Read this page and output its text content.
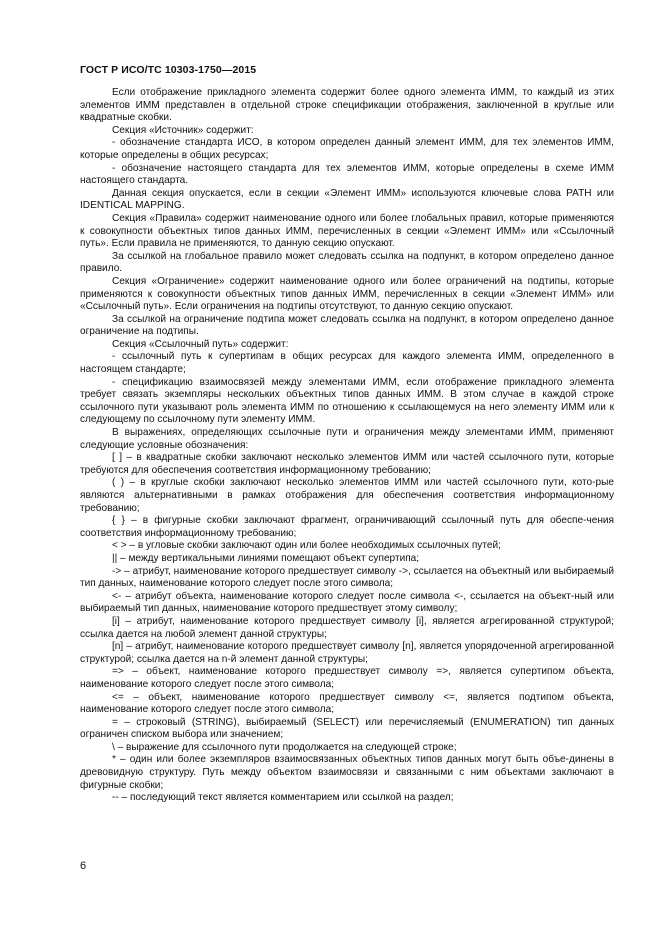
ГОСТ Р ИСО/ТС 10303-1750—2015

Если отображение прикладного элемента содержит более одного элемента ИММ, то каждый из этих элементов ИММ представлен в отдельной строке спецификации отображения, заключенной в круглые или квадратные скобки.

Секция «Источник» содержит:

- обозначение стандарта ИСО, в котором определен данный элемент ИММ, для тех элементов ИММ, которые определены в общих ресурсах;

- обозначение настоящего стандарта для тех элементов ИММ, которые определены в схеме ИММ настоящего стандарта.

Данная секция опускается, если в секции «Элемент ИММ» используются ключевые слова PATH или IDENTICAL MAPPING.

Секция «Правила» содержит наименование одного или более глобальных правил, которые применяются к совокупности объектных типов данных ИММ, перечисленных в секции «Элемент ИММ» или «Ссылочный путь». Если правила не применяются, то данную секцию опускают.

За ссылкой на глобальное правило может следовать ссылка на подпункт, в котором определено данное правило.

Секция «Ограничение» содержит наименование одного или более ограничений на подтипы, которые применяются к совокупности объектных типов данных ИММ, перечисленных в секции «Элемент ИММ» или «Ссылочный путь». Если ограничения на подтипы отсутствуют, то данную секцию опускают.

За ссылкой на ограничение подтипа может следовать ссылка на подпункт, в котором определено данное ограничение на подтипы.

Секция «Ссылочный путь» содержит:

- ссылочный путь к супертипам в общих ресурсах для каждого элемента ИММ, определенного в настоящем стандарте;

- спецификацию взаимосвязей между элементами ИММ, если отображение прикладного элемента требует связать экземпляры нескольких объектных типов данных ИММ. В этом случае в каждой строке ссылочного пути указывают роль элемента ИММ по отношению к ссылающемуся на него элементу ИММ или к следующему по ссылочному пути элементу ИММ.

В выражениях, определяющих ссылочные пути и ограничения между элементами ИММ, применяют следующие условные обозначения:

[ ] – в квадратные скобки заключают несколько элементов ИММ или частей ссылочного пути, которые требуются для обеспечения соответствия информационному требованию;

( ) – в круглые скобки заключают несколько элементов ИММ или частей ссылочного пути, кото-рые являются альтернативными в рамках отображения для обеспечения соответствия информационному требованию;

{ } – в фигурные скобки заключают фрагмент, ограничивающий ссылочный путь для обеспе-чения соответствия информационному требованию;

< > – в угловые скобки заключают один или более необходимых ссылочных путей;

|| – между вертикальными линиями помещают объект супертипа;

-> – атрибут, наименование которого предшествует символу ->, ссылается на объектный или выбираемый тип данных, наименование которого следует после этого символа;

<- – атрибут объекта, наименование которого следует после символа <-, ссылается на объект-ный или выбираемый тип данных, наименование которого предшествует этому символу;

[i] – атрибут, наименование которого предшествует символу [i], является агрегированной структурой; ссылка дается на любой элемент данной структуры;

[n] – атрибут, наименование которого предшествует символу [n], является упорядоченной агрегированной структурой; ссылка дается на n-й элемент данной структуры;

=> – объект, наименование которого предшествует символу =>, является супертипом объекта, наименование которого следует после этого символа;

<= – объект, наименование которого предшествует символу <=, является подтипом объекта, наименование которого следует после этого символа;

= – строковый (STRING), выбираемый (SELECT) или перечисляемый (ENUMERATION) тип данных ограничен списком выбора или значением;

\ – выражение для ссылочного пути продолжается на следующей строке;

* – один или более экземпляров взаимосвязанных объектных типов данных могут быть объе-динены в древовидную структуру. Путь между объектом взаимосвязи и связанными с ним объектами заключают в фигурные скобки;

-- – последующий текст является комментарием или ссылкой на раздел;

6
